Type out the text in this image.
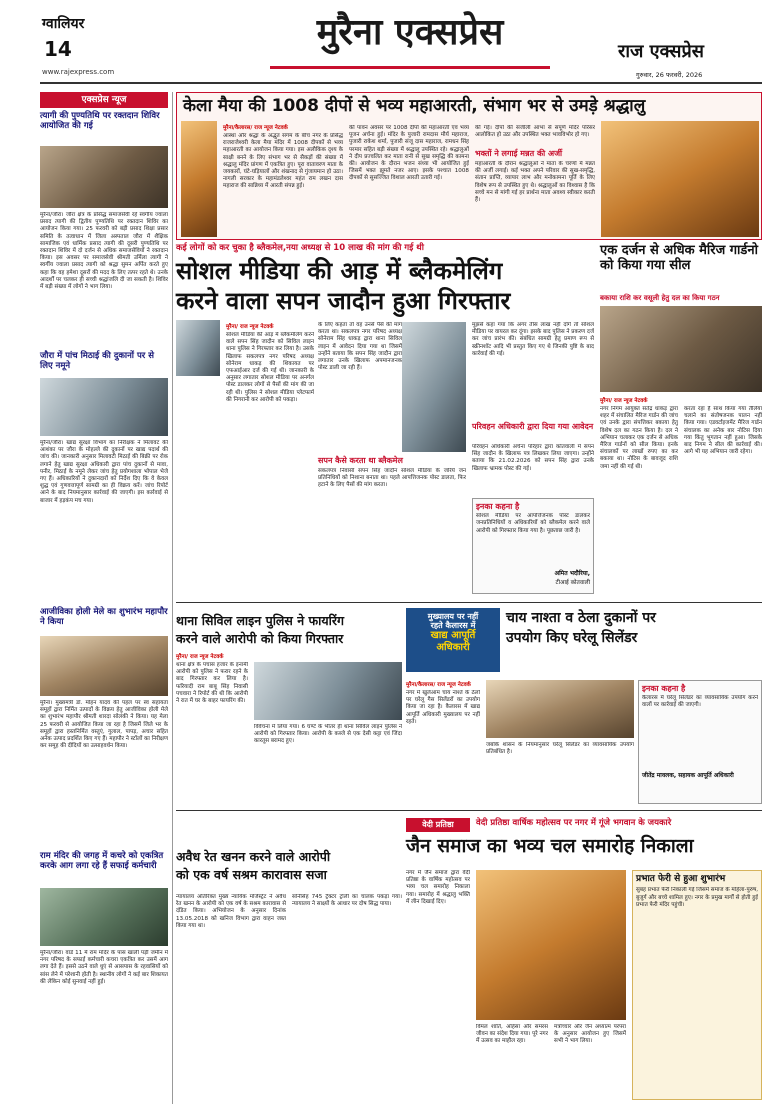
ग्वालियर
14
www.rajexpress.com
मुरैना एक्सप्रेस	राज एक्सप्रेस
गुरुवार, 26 फरवरी, 2026
एक्सप्रेस न्यूज
त्यागी की पुण्यतिथि पर रक्तदान शिविर आयोजित की गई
मुरैना/जौरा। जौरा क्षेत्र के प्रसिद्ध समाजसेवी रहे स्वर्गीय ज्वाला प्रसाद त्यागी की द्वितीय पुण्यतिथि पर रक्तदान शिविर का आयोजन किया गया। 25 फरवरी को बड़ी प्रसाद शिक्षा प्रसार समिति के तत्वाधान में जिला अस्पताल जौरा में शैक्षिक सामाजिक एवं धार्मिक प्रसाद त्यागी की दूसरी पुण्यतिथि पर रक्तदान शिविर में दो दर्जन से अधिक समाजसेवियों ने रक्तदान किया। इस अवसर पर समाजसेवी श्रीमती उर्मिला त्यागी ने स्वर्गीय ज्वाला प्रसाद त्यागी को श्रद्धा सुमन अर्पित करते हुए कहा कि वह हमेशा दूसरों की मदद के लिए तत्पर रहते थे। उनके आदर्शों पर चलकर ही सच्ची श्रद्धांजलि दी जा सकती है। शिविर में बड़ी संख्या में लोगों ने भाग लिया।
जौरा में पांच मिठाई की दुकानों पर से लिए नमूने
मुरैना/जौरा। खाद्य सुरक्षा विभाग का निरीक्षक ने मिलावट की आशंका पर जौरा के मोहल्ले की दुकानों पर खाद्य पदार्थ की जांच की। जानकारी अनुसार मिलावटी मिठाई की बिक्री पर रोक लगाने हेतु खाद्य सुरक्षा अधिकारी द्वारा पांच दुकानों से मावा, पनीर, मिठाई के नमूने लेकर जांच हेतु प्रयोगशाला भोपाल भेजे गए हैं। अधिकारियों ने दुकानदारों को निर्देश दिए कि वे केवल शुद्ध एवं गुणवत्तापूर्ण सामग्री का ही विक्रय करें। जांच रिपोर्ट आने के बाद नियमानुसार कार्रवाई की जाएगी। इस कार्रवाई से बाजार में हड़कंप मच गया।
आजीविका होली मेले का शुभारंभ महापौर ने किया
मुरैना। मुख्यमंत्री डॉ. मोहन यादव की पहल पर स्व सहायता समूहों द्वारा निर्मित उत्पादों के विक्रय हेतु आजीविका होली मेले का शुभारंभ महापौर श्रीमती शारदा सोलंकी ने किया। यह मेला 25 फरवरी से आयोजित किया जा रहा है जिसमें जिले भर के समूहों द्वारा हस्तनिर्मित वस्तुएं, गुलाल, पापड़, अचार सहित अनेक उत्पाद प्रदर्शित किए गए हैं। महापौर ने स्टॉलों का निरीक्षण कर समूह की दीदियों का उत्साहवर्धन किया।
राम मंदिर की जगह में कचरे को एकत्रित करके आग लगा रहे हैं सफाई कर्मचारी
मुरैना/जौरा। वार्ड 11 में राम मंदिर के पास खाली पड़ी जमीन में नगर परिषद के सफाई कर्मचारी कचरा एकत्रित कर उसमें आग लगा देते हैं। इससे उठने वाले धुएं से आसपास के रहवासियों को सांस लेने में परेशानी होती है। स्थानीय लोगों ने कई बार शिकायत की लेकिन कोई सुनवाई नहीं हुई।
केला मैया की 1008 दीपों से भव्य महाआरती, संभाग भर से उमड़े श्रद्धालु
मुरैना/कैलारस/ राज न्यूज नेटवर्क
आस्था और श्रद्धा के अद्भुत संगम के बीच नगर के प्रसिद्ध राजराजेश्वरी केला मैया मंदिर में 1008 दीपकों से भव्य महाआरती का आयोजन किया गया। इस अलौकिक दृश्य के साक्षी बनने के लिए संभाग भर से सैकड़ों की संख्या में श्रद्धालु मंदिर प्रांगण में एकत्रित हुए। पूरा वातावरण माता के जयकारों, घंटे-घड़ियालों और शंखनाद से गुंजायमान हो उठा। नागली सरकार के महामंडलेश्वर महंत राम लखन दास महाराज की सान्निध्य में आरती संपन्न हुई।
की पावन अवसर पर 1008 दीपों की महाआरती एवं भव्य पूजन अर्चना हुई। मंदिर के पुजारी रामदास मौर्य महाराज, पुजारी राकेश शर्मा, पुजारी संजू दास महाराज, रामधन सिंह परमार सहित बड़ी संख्या में श्रद्धालु उपस्थित रहे। श्रद्धालुओं ने दीप प्रज्वलित कर माता रानी से सुख समृद्धि की कामना की। आयोजन के दौरान भजन संध्या भी आयोजित हुई जिसमें भक्त झूमते नजर आए। इसके पश्चात 1008 दीपकों से सुसज्जित विशाल आरती उतारी गई।
की गई। दीपों की सजीली आभा से संपूर्ण मंदिर परिसर आलोकित हो उठा और उपस्थित भक्त भावविभोर हो गए।
भक्तों ने लगाई मन्नत की अर्जी
महाआरती के दौरान श्रद्धालुओं ने माता के चरणों में मन्नत की अर्जी लगाई। कई भक्त अपने परिवार की सुख-समृद्धि, संतान प्राप्ति, व्यापार लाभ और मनोकामना पूर्ति के लिए विशेष रूप से उपस्थित हुए थे। श्रद्धालुओं का विश्वास है कि सच्चे मन से मांगी गई हर प्रार्थना माता अवश्य स्वीकार करती हैं।
कई लोगों को कर चुका है ब्लैकमेल,नया अध्यक्ष से 10 लाख की मांग की गई थी
सोशल मीडिया की आड़ में ब्लैकमेलिंग
करने वाला सपन जादौन हुआ गिरफ्तार
मुरैना/ राज न्यूज नेटवर्क
सोशल मीडिया की आड़ में ब्लैकमेलिंग करने वाले सपन सिंह जादौन को सिविल लाइन थाना पुलिस ने गिरफ्तार कर लिया है। उसके खिलाफ सकलपत्र नगर परिषद अध्यक्ष सोनेराम धाकड़ की शिकायत पर एफआईआर दर्ज की गई थी। जानकारी के अनुसार लगातार सोशल मीडिया पर अनर्गल पोस्ट डालकर लोगों से पैसों की मांग की जा रही थी। पुलिस ने सोशल मीडिया प्लेटफार्म की निगरानी कर आरोपी को पकड़ा।
के लिए कहता तो वह उनसे पैसे की मांग करता था। सकलपत्र नगर परिषद अध्यक्ष सोनेराम सिंह धाकड़ द्वारा थाना सिविल लाइन में आवेदन दिया गया था जिसमें उन्होंने बताया कि सपन सिंह जादौन द्वारा लगातार उनके खिलाफ अपमानजनक पोस्ट डाली जा रही हैं।
मुझसे कहा गया कि अगर तीस लाख नहीं दोगे तो सोशल मीडिया पर वायरल कर दूंगा। इसके बाद पुलिस ने प्रकरण दर्ज कर जांच प्रारंभ की। संबंधित सामग्री हेतु प्रमाण रूप से स्क्रीनशॉट आदि भी प्रस्तुत किए गए थे जिनकी पुष्टि के बाद कार्रवाई की गई।
सपन कैसे करता था ब्लैकमेल
सकलपत्र निवासी सपन सिंह जादौन सोशल मीडिया के जरिये जन प्रतिनिधियों को निशाना बनाता था। पहले आपत्तिजनक पोस्ट डालता, फिर हटाने के लिए पैसों की मांग करता।
परिवहन अधिकारी द्वारा दिया गया आवेदन
परिवहन अधिकारी अर्चना परिहार द्वारा कोतवाली में सपन सिंह जादौन के खिलाफ पत्र लिखकर लिया जाएगा। उन्होंने बताया कि 21.02.2026 को सपन सिंह द्वारा उनके खिलाफ भ्रामक पोस्ट की गई।
इनका कहना है
सोशल मीडिया पर आपत्तिजनक पोस्ट डालकर जनप्रतिनिधियों व अधिकारियों को ब्लैकमेल करने वाले आरोपी को गिरफ्तार किया गया है। पूछताछ जारी है।
अमित भदौरिया,
टीआई कोतवाली
एक दर्जन से अधिक मैरिज गार्डनो को किया गया सील
बकाया राशि कर वसूली हेतु दल का किया गठन
मुरैना/ राज न्यूज नेटवर्क
नगर निगम आयुक्त सतेंद्र धाकड़ द्वारा शहर में संचालित मैरिज गार्डन की जांच एवं उनके द्वारा संपत्तिकर बकाया हेतु विशेष दल का गठन किया है। दल ने अभियान चलाकर एक दर्जन से अधिक मैरिज गार्डनों को सील किया। इनके संचालकों पर लाखों रुपए का कर बकाया था। नोटिस के बावजूद राशि जमा नहीं की गई थी।
करता रहा है साथ किया गया तैलिया चलाने का संतोषजनक पालन नहीं किया गया। एडवर्टाइजमेंट मैरिज गार्डन संचालक का अनेक बार नोटिस दिया गया किंतु भुगतान नहीं हुआ। जिसके बाद निगम ने सील की कार्रवाई की। आगे भी यह अभियान जारी रहेगा।
थाना सिविल लाइन पुलिस ने फायरिंग
करने वाले आरोपी को किया गिरफ्तार
मुरैना/ राज न्यूज नेटवर्क
थाना क्षेत्र के पचास हजार के इनामी आरोपी को पुलिस ने फरार रहने के बाद गिरफ्तार कर लिया है। फरियादी राम बाबू सिंह निवासी पचवारा ने रिपोर्ट की थी कि आरोपी ने रात में घर के बाहर फायरिंग की।
विवेचना में लिया गया। 6 घण्टे के भीतर ही थाना सिविल लाइन पुलिस ने आरोपी को गिरफ्तार किया। आरोपी के कब्जे से एक देसी कट्टा एवं जिंदा कारतूस बरामद हुए।
मुख्यालय पर नहीं
रहते कैलारस में
खाद्य आपूर्ति
अधिकारी
चाय नाश्ता व ठेला दुकानों पर
उपयोग किए घरेलू सिलेंडर
मुरैना/कैलारस/ राज न्यूज नेटवर्क
नगर में खुलेआम चाय नाश्ते के ठेलों पर घरेलू गैस सिलेंडरों का उपयोग किया जा रहा है। कैलारस में खाद्य आपूर्ति अधिकारी मुख्यालय पर नहीं रहते।
जबकि शासन के नियमानुसार घरेलू सिलेंडर का व्यावसायिक उपयोग प्रतिबंधित है।
इनका कहना है
कैलारस में घरेलू सिलेंडर का व्यावसायिक उपयोग करने वालों पर कार्रवाई की जाएगी।
जीतेंद्र मावलक, सहायक आपूर्ति अधिकारी
अवैध रेत खनन करने वाले आरोपी
को एक वर्ष सश्रम कारावास सजा
न्यायालय अतिरिक्त मुख्य न्यायिक मजिस्ट्रेट ने अवैध रेत खनन के आरोपी को एक वर्ष के सश्रम कारावास से दंडित किया। अभियोजन के अनुसार दिनांक 13.05.2018 को खनिज विभाग द्वारा वाहन जब्त किया गया था।
सोनेसिंह 745 ट्रैक्टर ट्रॉली का चालक पकड़ा गया। न्यायालय ने साक्ष्यों के आधार पर दोष सिद्ध पाया।
वेदी प्रतिष्ठा	वेदी प्रतिष्ठा वार्षिक महोत्सव पर नगर में गूंजे भगवान के जयकारे
जैन समाज का भव्य चल समारोह निकाला
नगर में जैन समाज द्वारा वेदी प्रतिष्ठा के वार्षिक महोत्सव पर भव्य चल समारोह निकाला गया। समारोह में श्रद्धालु भक्ति में लीन दिखाई दिए।
विमल शांति, अहिंसा और समरस जीवन का संदेश दिया गया। पूरे नगर में उत्सव का माहौल रहा।
मंत्रोच्चार और जैन अध्यात्म परंपरा के अनुसार आयोजन हुए जिसमें सभी ने भाग लिया।
प्रभात फेरी से हुआ शुभारंभ
सुबह प्रभात फेरी निकाली गई जिसमें समाज के महिला-पुरुष, बुजुर्ग और बच्चे शामिल हुए। नगर के प्रमुख मार्गों से होती हुई प्रभात फेरी मंदिर पहुंची।
